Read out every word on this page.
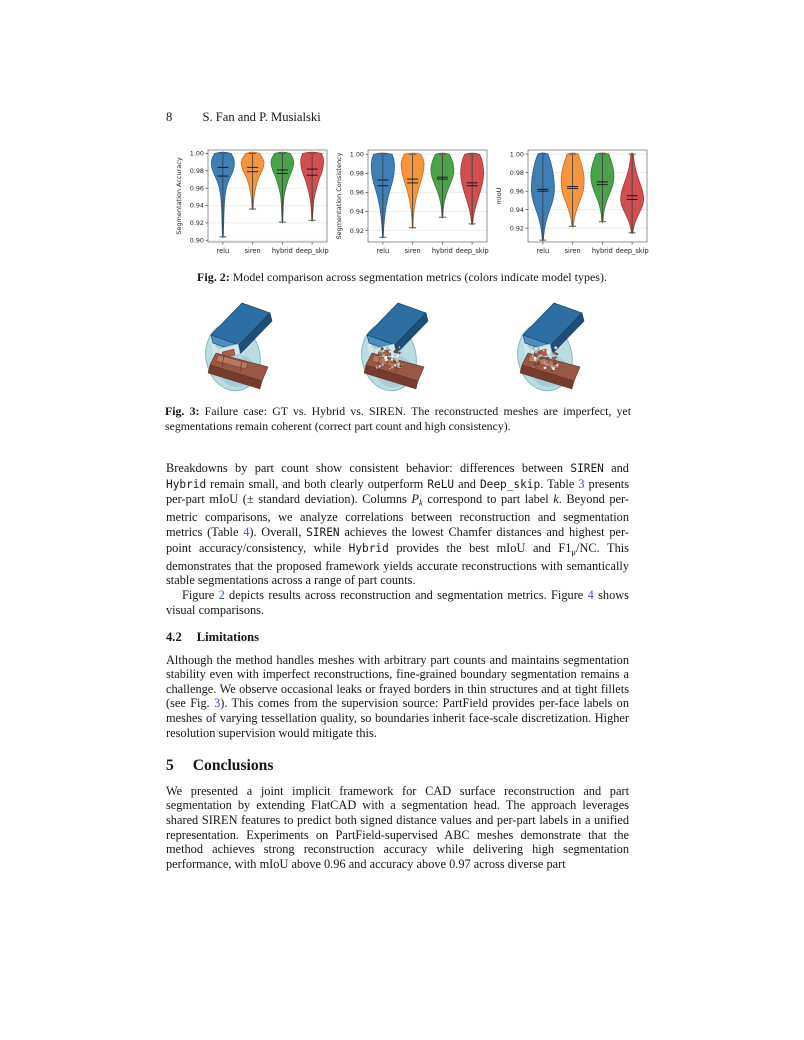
8 S. Fan and P. Musialski
0.90
0.92
0.94
0.96
0.98
1.00
relu siren hybrid deep_skip
Segmentation Accuracy	0.92
0.94
0.96
0.98
1.00
relu siren hybrid deep_skip
Segmentation Consistency	0.92
0.94
0.96
0.98
1.00
relu siren hybrid deep_skip
mIoU
Fig. 2: Model comparison across segmentation metrics (colors indicate model types).
Fig. 3: Failure case: GT vs. Hybrid vs. SIREN. The reconstructed meshes are imperfect, yet segmentations remain coherent (correct part count and high consistency).

Breakdowns by part count show consistent behavior: differences between SIREN and Hybrid remain small, and both clearly outperform ReLU and Deep_skip. Table 3 presents per-part mIoU (± standard deviation). Columns $P_k$ correspond to part label k. Beyond per-metric comparisons, we analyze correlations between reconstruction and segmentation metrics (Table 4). Overall, SIREN achieves the lowest Chamfer distances and highest per-point accuracy/consistency, while Hybrid provides the best mIoU and $F1_\mu/NC$. This demonstrates that the proposed framework yields accurate reconstructions with semantically stable segmentations across a range of part counts.

Figure 2 depicts results across reconstruction and segmentation metrics. Figure 4 shows visual comparisons.

4.2 Limitations

Although the method handles meshes with arbitrary part counts and maintains segmentation stability even with imperfect reconstructions, fine-grained boundary segmentation remains a challenge. We observe occasional leaks or frayed borders in thin structures and at tight fillets (see Fig. 3). This comes from the supervision source: PartField provides per-face labels on meshes of varying tessellation quality, so boundaries inherit face-scale discretization. Higher resolution supervision would mitigate this.

5 Conclusions

We presented a joint implicit framework for CAD surface reconstruction and part segmentation by extending FlatCAD with a segmentation head. The approach leverages shared SIREN features to predict both signed distance values and per-part labels in a unified representation. Experiments on PartField-supervised ABC meshes demonstrate that the method achieves strong reconstruction accuracy while delivering high segmentation performance, with mIoU above 0.96 and accuracy above 0.97 across diverse part
